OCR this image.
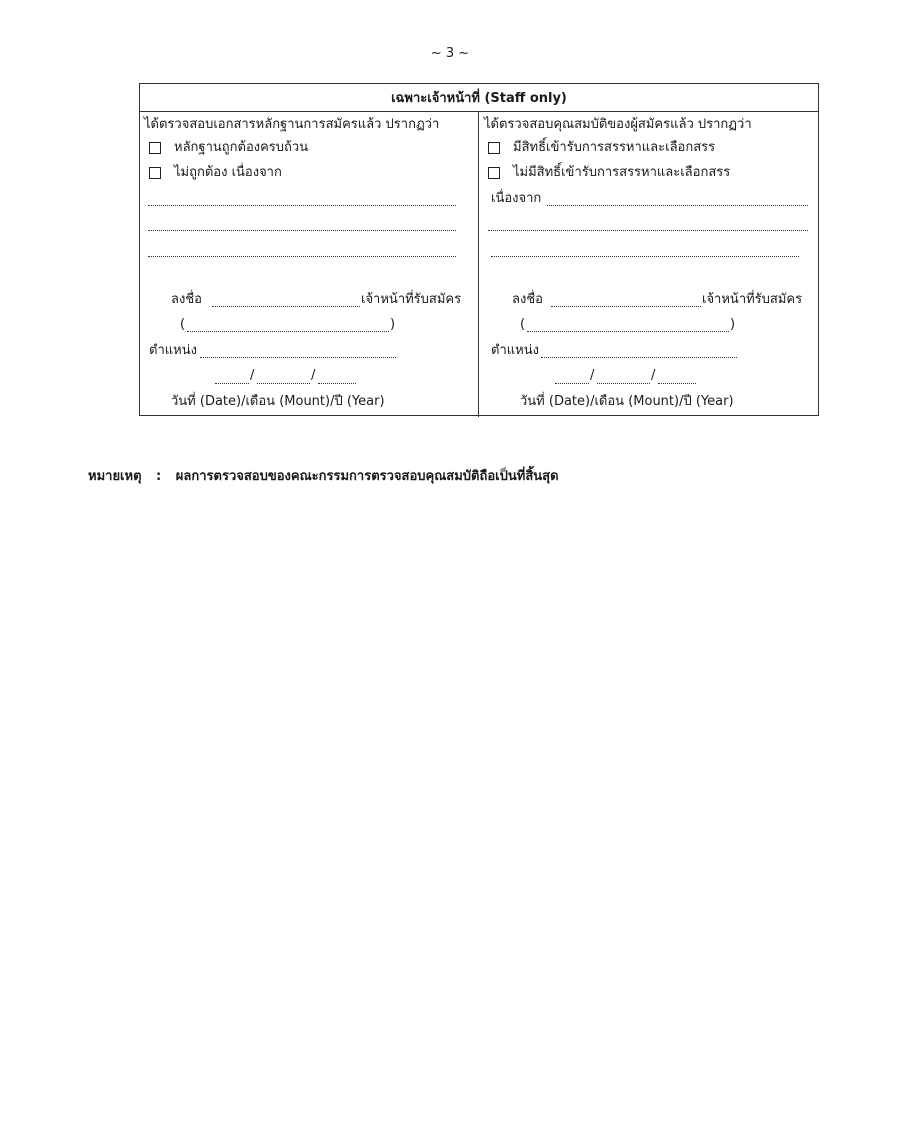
~ 3 ~
เฉพาะเจ้าหน้าที่ (Staff only)
ได้ตรวจสอบเอกสารหลักฐานการสมัครแล้ว ปรากฏว่า
หลักฐานถูกต้องครบถ้วน
ไม่ถูกต้อง เนื่องจาก
ลงชื่อ	เจ้าหน้าที่รับสมัคร
(	)
ตำแหน่ง
/	/
วันที่ (Date)/เดือน (Mount)/ปี (Year)
ได้ตรวจสอบคุณสมบัติของผู้สมัครแล้ว ปรากฏว่า
มีสิทธิ์เข้ารับการสรรหาและเลือกสรร
ไม่มีสิทธิ์เข้ารับการสรรหาและเลือกสรร
เนื่องจาก
ลงชื่อ	เจ้าหน้าที่รับสมัคร
(	)
ตำแหน่ง
/	/
วันที่ (Date)/เดือน (Mount)/ปี (Year)
หมายเหตุ : ผลการตรวจสอบของคณะกรรมการตรวจสอบคุณสมบัติถือเป็นที่สิ้นสุด
